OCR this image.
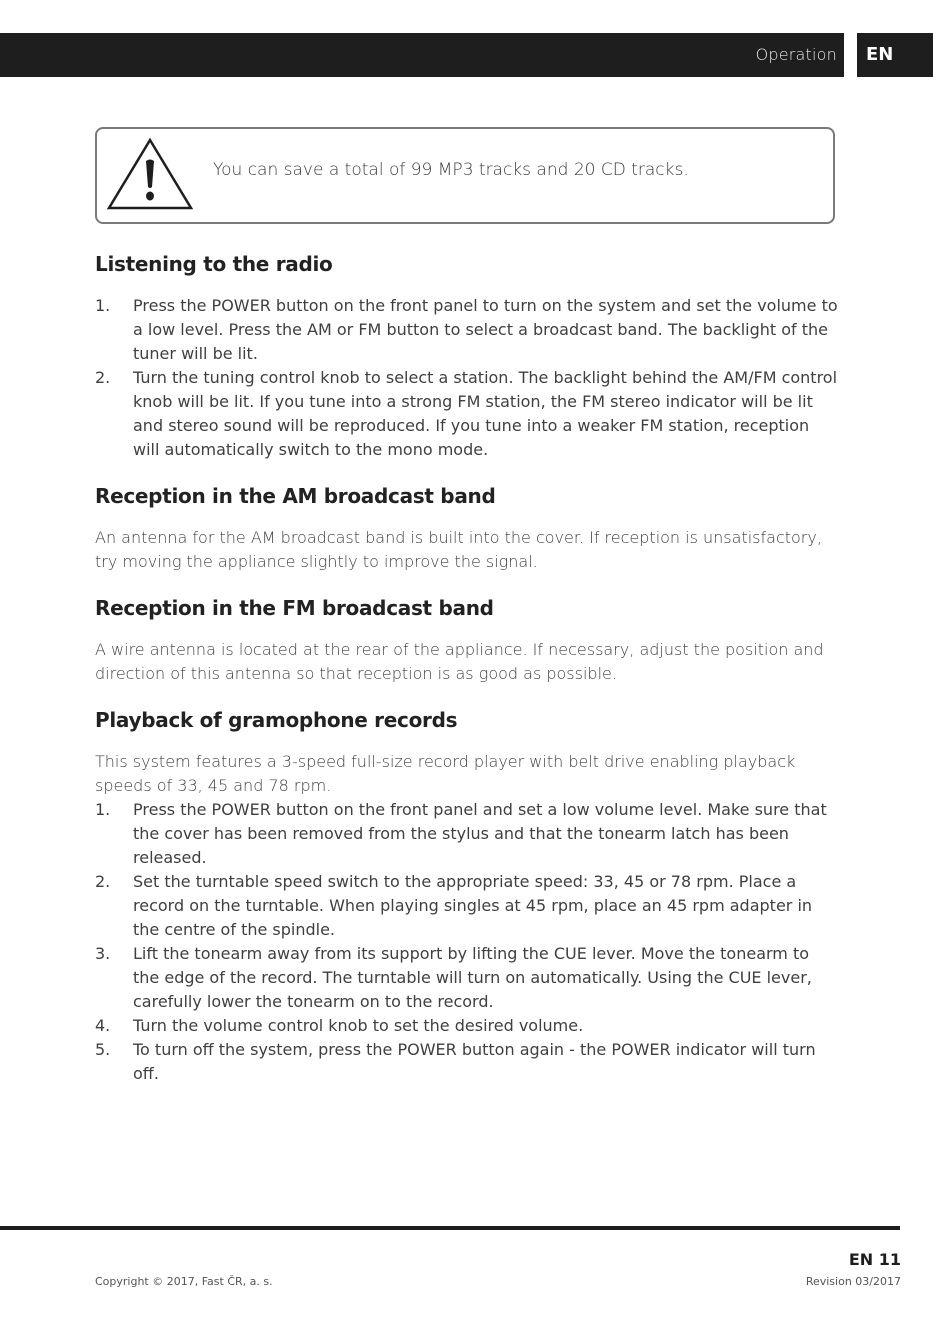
Operation EN
You can save a total of 99 MP3 tracks and 20 CD tracks.
Listening to the radio
1. Press the POWER button on the front panel to turn on the system and set the volume to a low level. Press the AM or FM button to select a broadcast band. The backlight of the tuner will be lit.
2. Turn the tuning control knob to select a station. The backlight behind the AM/FM control knob will be lit. If you tune into a strong FM station, the FM stereo indicator will be lit and stereo sound will be reproduced. If you tune into a weaker FM station, reception will automatically switch to the mono mode.
Reception in the AM broadcast band

An antenna for the AM broadcast band is built into the cover. If reception is unsatisfactory, try moving the appliance slightly to improve the signal.

Reception in the FM broadcast band

A wire antenna is located at the rear of the appliance. If necessary, adjust the position and direction of this antenna so that reception is as good as possible.

Playback of gramophone records

This system features a 3-speed full-size record player with belt drive enabling playback speeds of 33, 45 and 78 rpm.

1. Press the POWER button on the front panel and set a low volume level. Make sure that the cover has been removed from the stylus and that the tonearm latch has been released.
2. Set the turntable speed switch to the appropriate speed: 33, 45 or 78 rpm. Place a record on the turntable. When playing singles at 45 rpm, place an 45 rpm adapter in the centre of the spindle.
3. Lift the tonearm away from its support by lifting the CUE lever. Move the tonearm to the edge of the record. The turntable will turn on automatically. Using the CUE lever, carefully lower the tonearm on to the record.
4. Turn the volume control knob to set the desired volume.
5. To turn off the system, press the POWER button again - the POWER indicator will turn off.
EN 11
Copyright © 2017, Fast ČR, a. s.	Revision 03/2017
